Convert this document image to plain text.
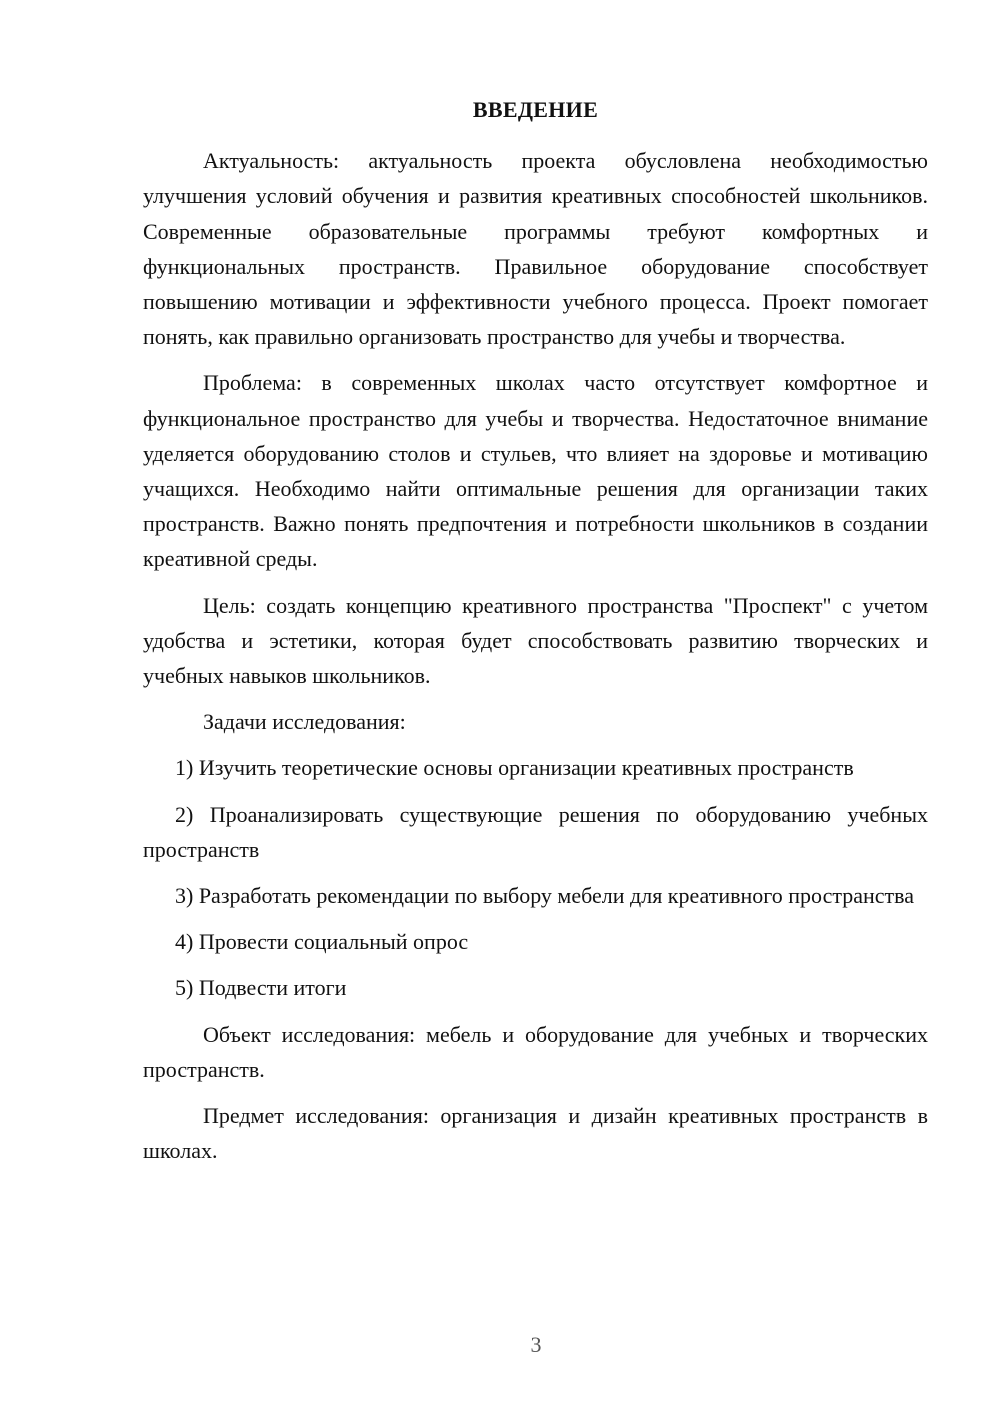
ВВЕДЕНИЕ

Актуальность: актуальность проекта обусловлена необходимостью улучшения условий обучения и развития креативных способностей школьников. Современные образовательные программы требуют комфортных и функциональных пространств. Правильное оборудование способствует повышению мотивации и эффективности учебного процесса. Проект помогает понять, как правильно организовать пространство для учебы и творчества.

Проблема: в современных школах часто отсутствует комфортное и функциональное пространство для учебы и творчества. Недостаточное внимание уделяется оборудованию столов и стульев, что влияет на здоровье и мотивацию учащихся. Необходимо найти оптимальные решения для организации таких пространств. Важно понять предпочтения и потребности школьников в создании креативной среды.

Цель: создать концепцию креативного пространства "Проспект" с учетом удобства и эстетики, которая будет способствовать развитию творческих и учебных навыков школьников.

Задачи исследования:

1) Изучить теоретические основы организации креативных пространств

2) Проанализировать существующие решения по оборудованию учебных пространств

3) Разработать рекомендации по выбору мебели для креативного пространства

4) Провести социальный опрос

5) Подвести итоги

Объект исследования: мебель и оборудование для учебных и творческих пространств.

Предмет исследования: организация и дизайн креативных пространств в школах.

3
